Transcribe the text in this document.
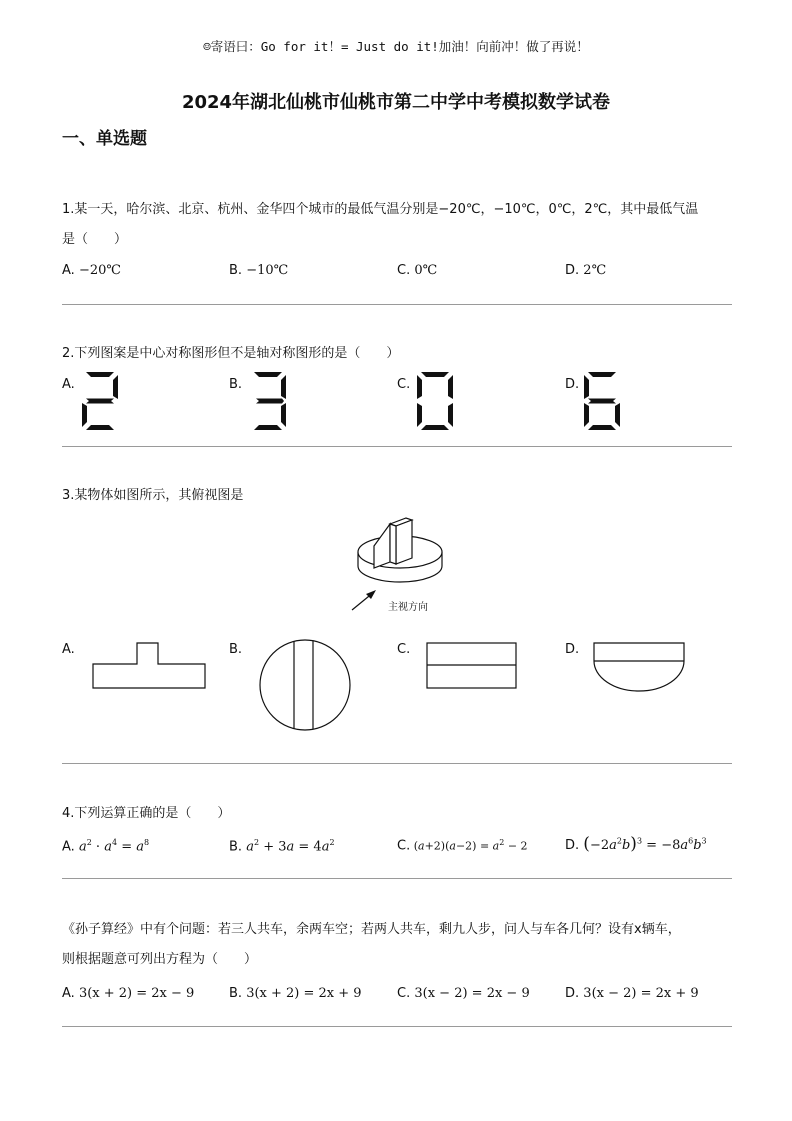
☺寄语曰：Go for it！= Just do it!加油！向前冲！做了再说！
2024年湖北仙桃市仙桃市第二中学中考模拟数学试卷
一、单选题
1.某一天，哈尔滨、北京、杭州、金华四个城市的最低气温分别是−20℃，−10℃，0℃，2℃，其中最低气温
是（　　）
A. −20℃	B. −10℃	C. 0℃	D. 2℃
2.下列图案是中心对称图形但不是轴对称图形的是（　　）
A.	B.	C.	D.
3.某物体如图所示，其俯视图是
主视方向
A.	B.	C.	D.
4.下列运算正确的是（　　）
A. $a^2 \cdot a^4 = a^8$	B. $a^2 + 3a = 4a^2$	C. $(a+2)(a-2) = a^2 - 2$	D. $(-2a^2b)^3 = -8a^6b^3$
《孙子算经》中有个问题：若三人共车，余两车空；若两人共车，剩九人步，问人与车各几何？设有x辆车，
则根据题意可列出方程为（　　）
A. 3(x + 2) = 2x − 9	B. 3(x + 2) = 2x + 9	C. 3(x − 2) = 2x − 9	D. 3(x − 2) = 2x + 9
